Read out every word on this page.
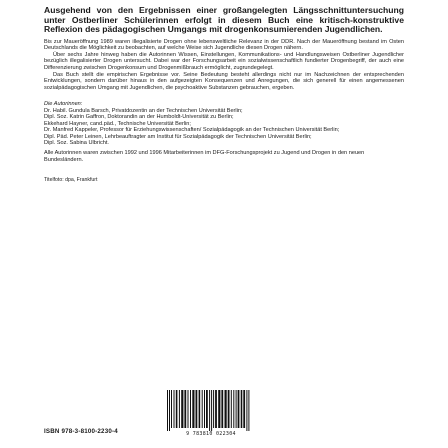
Ausgehend von den Ergebnissen einer großangelegten Längsschnittuntersuchung unter Ostberliner Schülerinnen erfolgt in diesem Buch eine kritisch-konstruktive Reflexion des pädagogischen Umgangs mit drogenkonsumierenden Jugendlichen.

Bis zur Maueröffnung 1989 waren illegalisierte Drogen ohne lebensweltliche Relevanz in der DDR. Nach der Maueröffnung bestand im Osten Deutschlands die Möglichkeit zu beobachten, auf welche Weise sich Jugendliche diesen Drogen nähern.

Über sechs Jahre hinweg haben die Autorinnen Wissen, Einstellungen, Kommunikations- und Handlungsweisen Ostberliner Jugendlicher bezüglich illegalisierter Drogen untersucht. Dabei war der Forschungsarbeit ein sozialwissenschaftlich fundierter Drogenbegriff, der auch eine Differenzierung zwischen Drogenkonsum und Drogenmißbrauch ermöglicht, zugrundegelegt.

Das Buch stellt die empirischen Ergebnisse vor. Seine Bedeutung besteht allerdings nicht nur im Nachzeichnen der entsprechenden Entwicklungen, sondern darüber hinaus in den aufgezeigten Konsequenzen und Anregungen, die sich generell für einen angemessenen sozialpädagogischen Umgang mit Jugendlichen, die psychoaktive Substanzen gebrauchen, ergeben.

Die Autorinnen:

Dr. Habil. Gundula Barsch, Privatdozentin an der Technischen Universität Berlin;

Dipl. Soz. Katrin Gaffron, Doktorandin an der Humboldt-Universität zu Berlin;

Ekkehard Hayner, cand.päd., Technische Universität Berlin;

Dr. Manfred Kappeler, Professor für Erziehungswissenschaften/ Sozialpädagogik an der Technischen Universität Berlin;

Dipl. Päd. Peter Leinen, Lehrbeauftragter am Institut für Sozialpädagogik der Technischen Universität Berlin;

Dipl. Soz. Sabina Ulbricht.

Alle Autorinnen waren zwischen 1992 und 1996 Mitarbeiterinnen im DFG-Forschungsprojekt zu Jugend und Drogen in den neuen Bundesländern.

Titelfoto: dpa, Frankfurt

ISBN 978-3-8100-2230-4	9 783810 022304
